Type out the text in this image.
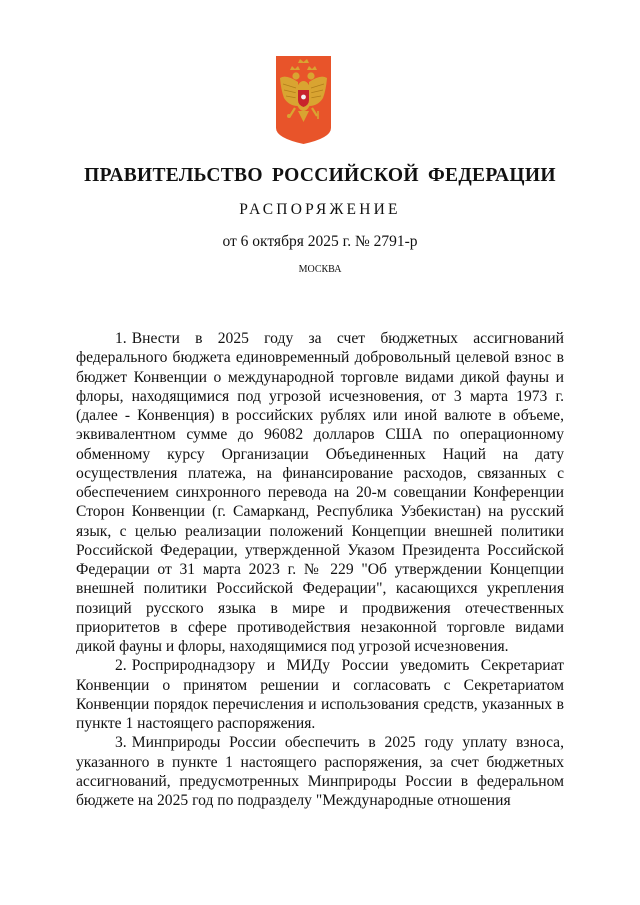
ПРАВИТЕЛЬСТВО РОССИЙСКОЙ ФЕДЕРАЦИИ
РАСПОРЯЖЕНИЕ
от 6 октября 2025 г. № 2791-р
МОСКВА

1. Внести в 2025 году за счет бюджетных ассигнований федерального бюджета единовременный добровольный целевой взнос в бюджет Конвенции о международной торговле видами дикой фауны и флоры, находящимися под угрозой исчезновения, от 3 марта 1973 г. (далее - Конвенция) в российских рублях или иной валюте в объеме, эквивалентном сумме до 96082 долларов США по операционному обменному курсу Организации Объединенных Наций на дату осуществления платежа, на финансирование расходов, связанных с обеспечением синхронного перевода на 20-м совещании Конференции Сторон Конвенции (г. Самарканд, Республика Узбекистан) на русский язык, с целью реализации положений Концепции внешней политики Российской Федерации, утвержденной Указом Президента Российской Федерации от 31 марта 2023 г. № 229 "Об утверждении Концепции внешней политики Российской Федерации", касающихся укрепления позиций русского языка в мире и продвижения отечественных приоритетов в сфере противодействия незаконной торговле видами дикой фауны и флоры, находящимися под угрозой исчезновения.

2. Росприроднадзору и МИДу России уведомить Секретариат Конвенции о принятом решении и согласовать с Секретариатом Конвенции порядок перечисления и использования средств, указанных в пункте 1 настоящего распоряжения.

3. Минприроды России обеспечить в 2025 году уплату взноса, указанного в пункте 1 настоящего распоряжения, за счет бюджетных ассигнований, предусмотренных Минприроды России в федеральном бюджете на 2025 год по подразделу "Международные отношения
